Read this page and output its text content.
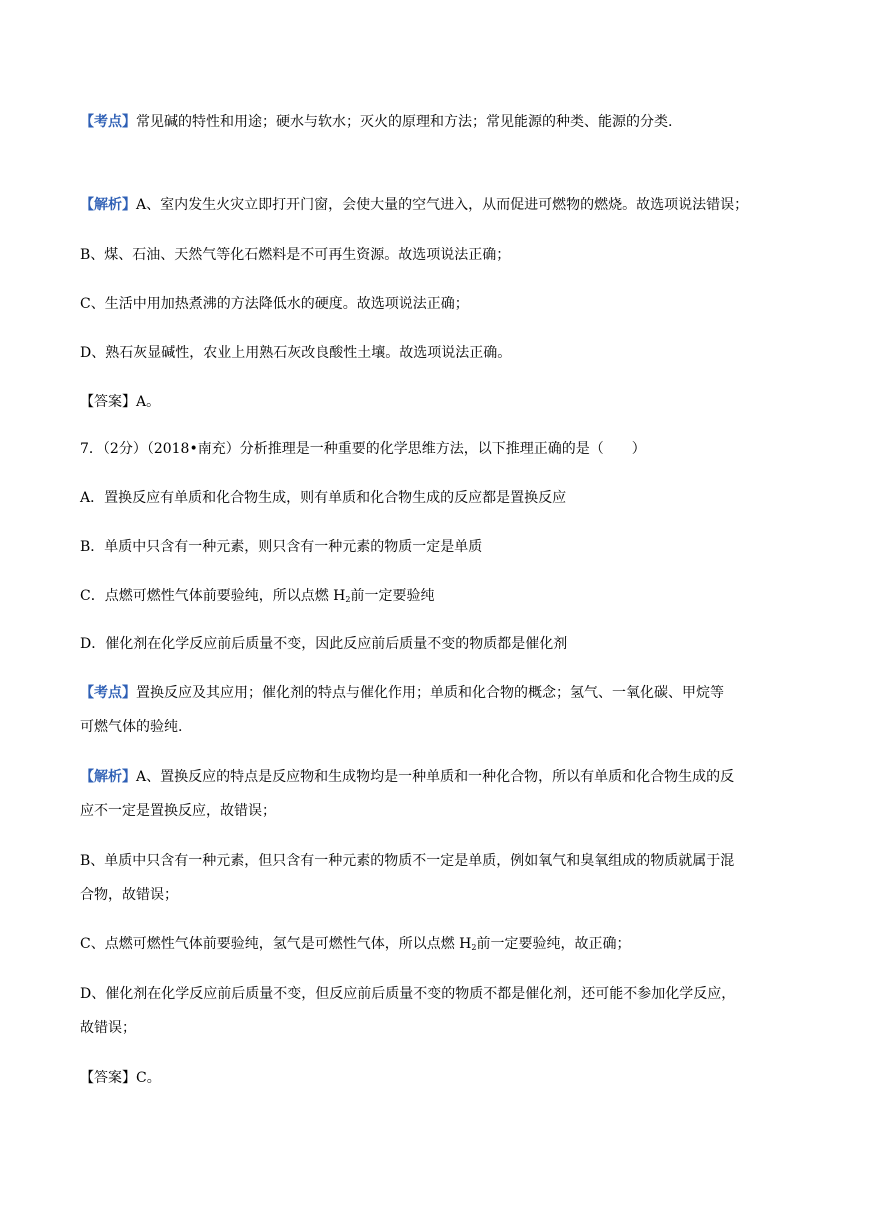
【考点】常见碱的特性和用途；硬水与软水；灭火的原理和方法；常见能源的种类、能源的分类.
【解析】A、室内发生火灾立即打开门窗，会使大量的空气进入，从而促进可燃物的燃烧。故选项说法错误；
B、煤、石油、天然气等化石燃料是不可再生资源。故选项说法正确；
C、生活中用加热煮沸的方法降低水的硬度。故选项说法正确；
D、熟石灰显碱性，农业上用熟石灰改良酸性土壤。故选项说法正确。
【答案】A。
7．（2分）（2018•南充）分析推理是一种重要的化学思维方法，以下推理正确的是（　　）
A．置换反应有单质和化合物生成，则有单质和化合物生成的反应都是置换反应
B．单质中只含有一种元素，则只含有一种元素的物质一定是单质
C．点燃可燃性气体前要验纯，所以点燃 $H_2$前一定要验纯
D．催化剂在化学反应前后质量不变，因此反应前后质量不变的物质都是催化剂
【考点】置换反应及其应用；催化剂的特点与催化作用；单质和化合物的概念；氢气、一氧化碳、甲烷等
可燃气体的验纯.
【解析】A、置换反应的特点是反应物和生成物均是一种单质和一种化合物，所以有单质和化合物生成的反
应不一定是置换反应，故错误；
B、单质中只含有一种元素，但只含有一种元素的物质不一定是单质，例如氧气和臭氧组成的物质就属于混
合物，故错误；
C、点燃可燃性气体前要验纯，氢气是可燃性气体，所以点燃 $H_2$前一定要验纯，故正确；
D、催化剂在化学反应前后质量不变，但反应前后质量不变的物质不都是催化剂，还可能不参加化学反应，
故错误；
【答案】C。
